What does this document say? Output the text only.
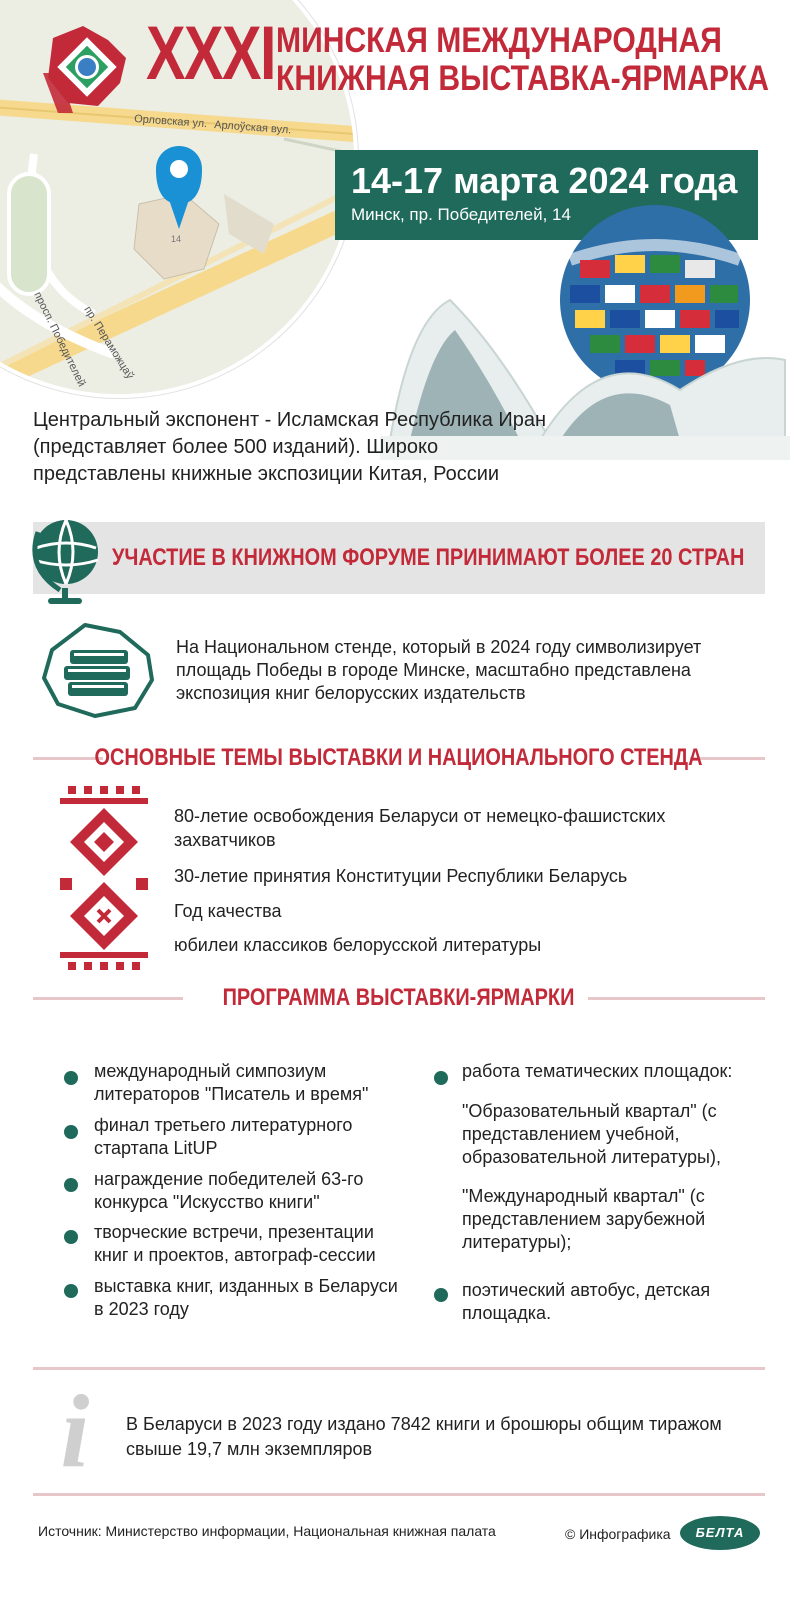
Орловская ул. Арлоўская вул.
просп. Победителей
пр. Пераможцаў
14
XXXI МИНСКАЯ МЕЖДУНАРОДНАЯ
КНИЖНАЯ ВЫСТАВКА-ЯРМАРКА
14-17 марта 2024 года
Минск, пр. Победителей, 14
Центральный экспонент - Исламская Республика Иран (представляет более 500 изданий). Широко представлены книжные экспозиции Китая, России
УЧАСТИЕ В КНИЖНОМ ФОРУМЕ ПРИНИМАЮТ БОЛЕЕ 20 СТРАН
На Национальном стенде, который в 2024 году символизирует площадь Победы в городе Минске, масштабно представлена экспозиция книг белорусских издательств
ОСНОВНЫЕ ТЕМЫ ВЫСТАВКИ И НАЦИОНАЛЬНОГО СТЕНДА
80-летие освобождения Беларуси от немецко-фашистских захватчиков
30-летие принятия Конституции Республики Беларусь
Год качества
юбилеи классиков белорусской литературы
ПРОГРАММА ВЫСТАВКИ-ЯРМАРКИ
международный симпозиум литераторов "Писатель и время"
финал третьего литературного стартапа LitUP
награждение победителей 63-го конкурса "Искусство книги"
творческие встречи, презентации книг и проектов, автограф-сессии
выставка книг, изданных в Беларуси в 2023 году
работа тематических площадок:
"Образовательный квартал" (с представлением учебной, образовательной литературы),
"Международный квартал" (с представлением зарубежной литературы);
поэтический автобус, детская площадка.
i	В Беларуси в 2023 году издано 7842 книги и брошюры общим тиражом свыше 19,7 млн экземпляров
Источник: Министерство информации, Национальная книжная палата	© Инфографика	БЕЛТА
